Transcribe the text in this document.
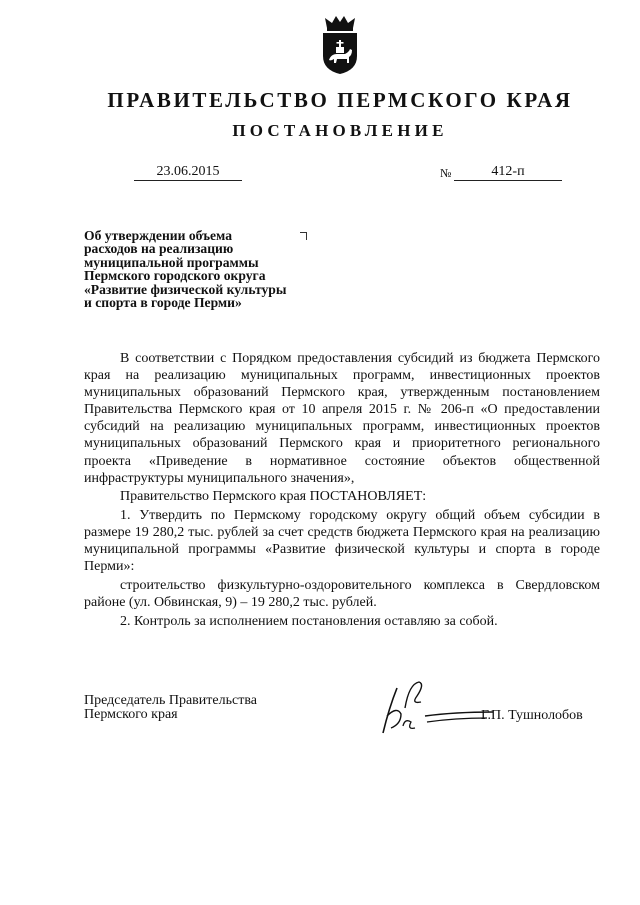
ПРАВИТЕЛЬСТВО ПЕРМСКОГО КРАЯ
ПОСТАНОВЛЕНИЕ
23.06.2015	№	412-п
Об утверждении объема
расходов на реализацию
муниципальной программы
Пермского городского округа
«Развитие физической культуры
и спорта в городе Перми»

В соответствии с Порядком предоставления субсидий из бюджета Пермского края на реализацию муниципальных программ, инвестиционных проектов муниципальных образований Пермского края, утвержденным постановлением Правительства Пермского края от 10 апреля 2015 г. № 206-п «О предоставлении субсидий на реализацию муниципальных программ, инвестиционных проектов муниципальных образований Пермского края и приоритетного регионального проекта «Приведение в нормативное состояние объектов общественной инфраструктуры муниципального значения»,

Правительство Пермского края ПОСТАНОВЛЯЕТ:

1. Утвердить по Пермскому городскому округу общий объем субсидии в размере 19 280,2 тыс. рублей за счет средств бюджета Пермского края на реализацию муниципальной программы «Развитие физической культуры и спорта в городе Перми»:

строительство физкультурно-оздоровительного комплекса в Свердловском районе (ул. Обвинская, 9) – 19 280,2 тыс. рублей.

2. Контроль за исполнением постановления оставляю за собой.

Председатель Правительства
Пермского края	Г.П. Тушнолобов
